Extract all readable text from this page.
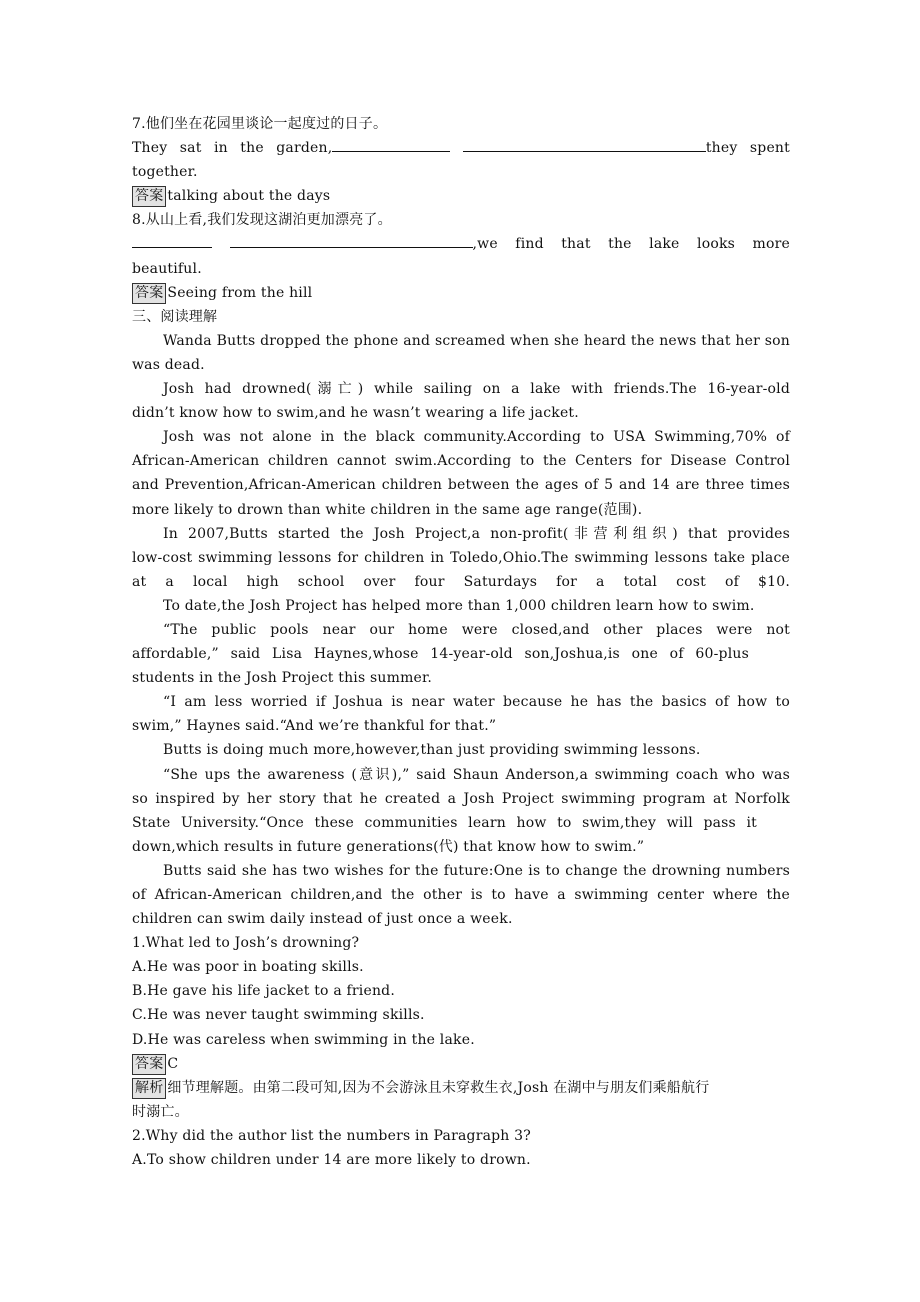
7.他们坐在花园里谈论一起度过的日子。
They sat in the garden,	they spent
together.
答案 talking about the days
8.从山上看,我们发现这湖泊更加漂亮了。
,we find that the lake looks more
beautiful.
答案 Seeing from the hill
三、阅读理解
Wanda Butts dropped the phone and screamed when she heard the news that her son
was dead.
Josh had drowned(溺亡) while sailing on a lake with friends.The 16-year-old
didn’t know how to swim,and he wasn’t wearing a life jacket.
Josh was not alone in the black community.According to USA Swimming,70% of
African-American children cannot swim.According to the Centers for Disease Control
and Prevention,African-American children between the ages of 5 and 14 are three times
more likely to drown than white children in the same age range(范围).
In 2007,Butts started the Josh Project,a non-profit(非营利组织) that provides
low-cost swimming lessons for children in Toledo,Ohio.The swimming lessons take place
at a local high school over four Saturdays for a total cost of $10.
To date,the Josh Project has helped more than 1,000 children learn how to swim.
“The public pools near our home were closed,and other places were not
affordable,” said Lisa Haynes,whose 14-year-old son,Joshua,is one of 60-plus
students in the Josh Project this summer.
“I am less worried if Joshua is near water because he has the basics of how to
swim,” Haynes said.“And we’re thankful for that.”
Butts is doing much more,however,than just providing swimming lessons.
“She ups the awareness (意识),” said Shaun Anderson,a swimming coach who was
so inspired by her story that he created a Josh Project swimming program at Norfolk
State University.“Once these communities learn how to swim,they will pass it
down,which results in future generations(代) that know how to swim.”
Butts said she has two wishes for the future:One is to change the drowning numbers
of African-American children,and the other is to have a swimming center where the
children can swim daily instead of just once a week.
1.What led to Josh’s drowning?
A.He was poor in boating skills.
B.He gave his life jacket to a friend.
C.He was never taught swimming skills.
D.He was careless when swimming in the lake.
答案 C
解析 细节理解题。由第二段可知,因为不会游泳且未穿救生衣,Josh 在湖中与朋友们乘船航行
时溺亡。
2.Why did the author list the numbers in Paragraph 3?
A.To show children under 14 are more likely to drown.
